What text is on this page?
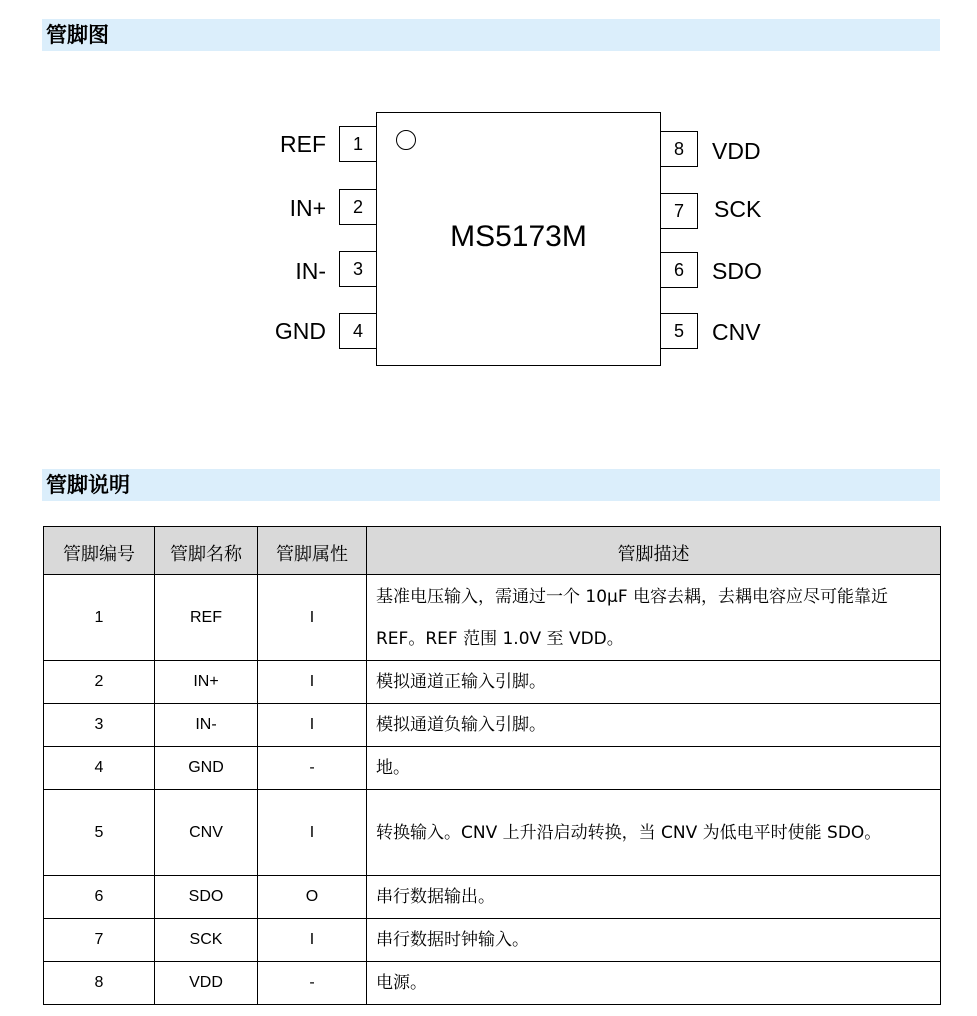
管脚图
MS5173M
REF	1
IN+	2
IN-	3
GND	4
8	VDD
7	SCK
6	SDO
5	CNV
管脚说明
管脚编号	管脚名称	管脚属性	管脚描述
1	REF	I	基准电压输入，需通过一个 10μF 电容去耦，去耦电容应尽可能靠近 REF。REF 范围 1.0V 至 VDD。
2	IN+	I	模拟通道正输入引脚。
3	IN-	I	模拟通道负输入引脚。
4	GND	-	地。
5	CNV	I	转换输入。CNV 上升沿启动转换，当 CNV 为低电平时使能 SDO。
6	SDO	O	串行数据输出。
7	SCK	I	串行数据时钟输入。
8	VDD	-	电源。
